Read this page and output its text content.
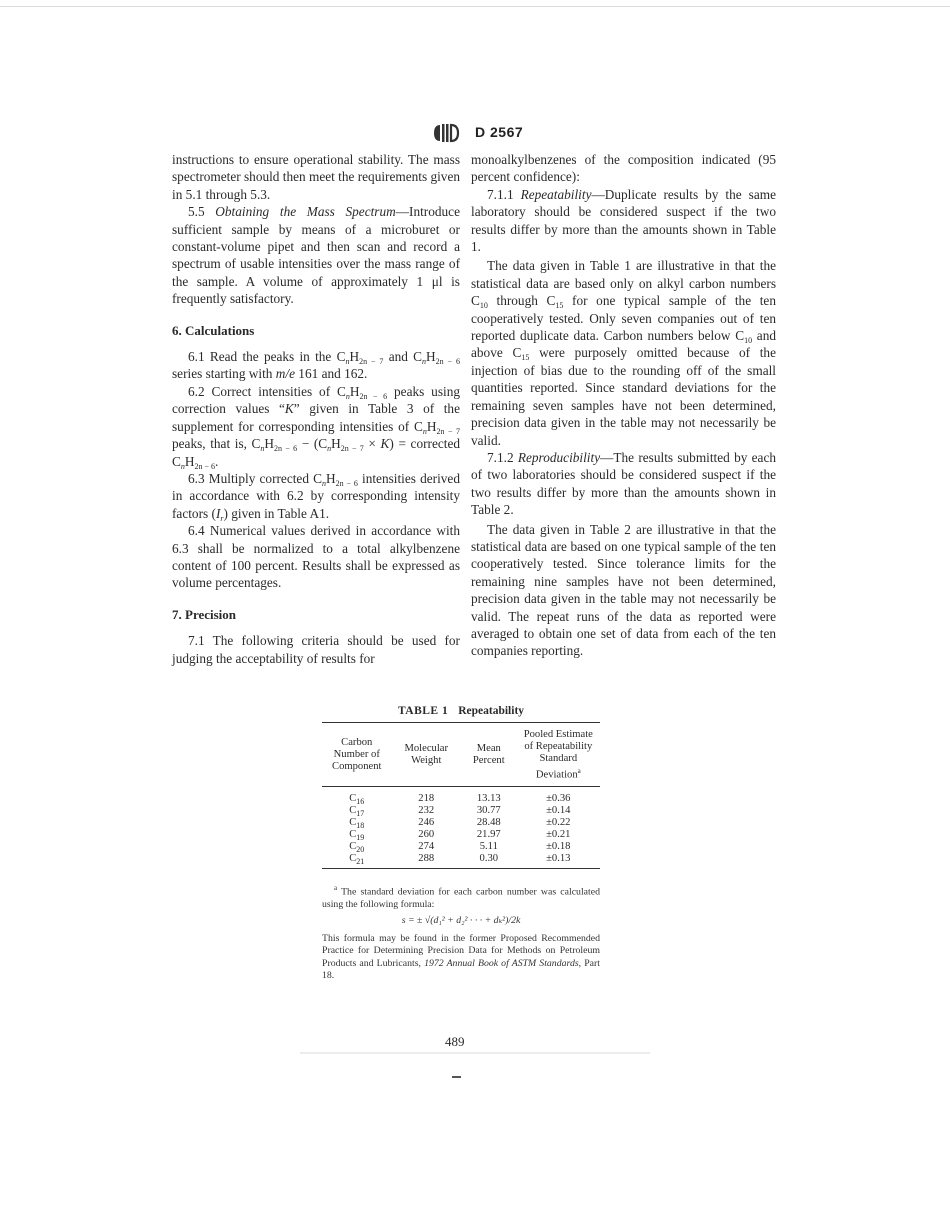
D 2567

instructions to ensure operational stability. The mass spectrometer should then meet the requirements given in 5.1 through 5.3.

5.5 Obtaining the Mass Spectrum—Introduce sufficient sample by means of a microburet or constant-volume pipet and then scan and record a spectrum of usable intensities over the mass range of the sample. A volume of approximately 1 μl is frequently satisfactory.

6. Calculations

6.1 Read the peaks in the $C_nH_{2n - 7}$ and $C_nH_{2n - 6}$ series starting with m/e 161 and 162.

6.2 Correct intensities of $C_nH_{2n - 6}$ peaks using correction values “K” given in Table 3 of the supplement for corresponding intensities of $C_nH_{2n - 7}$ peaks, that is, $C_nH_{2n - 6} - (C_nH_{2n - 7} \times K)$ = corrected $C_nH_{2n - 6}$.

6.3 Multiply corrected $C_nH_{2n - 6}$ intensities derived in accordance with 6.2 by corresponding intensity factors $(I_r)$ given in Table A1.

6.4 Numerical values derived in accordance with 6.3 shall be normalized to a total alkylbenzene content of 100 percent. Results shall be expressed as volume percentages.

7. Precision

7.1 The following criteria should be used for judging the acceptability of results for

monoalkylbenzenes of the composition indicated (95 percent confidence):

7.1.1 Repeatability—Duplicate results by the same laboratory should be considered suspect if the two results differ by more than the amounts shown in Table 1.

The data given in Table 1 are illustrative in that the statistical data are based only on alkyl carbon numbers $C_{10}$ through $C_{15}$ for one typical sample of the ten cooperatively tested. Only seven companies out of ten reported duplicate data. Carbon numbers below $C_{10}$ and above $C_{15}$ were purposely omitted because of the injection of bias due to the rounding off of the small quantities reported. Since standard deviations for the remaining seven samples have not been determined, precision data given in the table may not necessarily be valid.

7.1.2 Reproducibility—The results submitted by each of two laboratories should be considered suspect if the two results differ by more than the amounts shown in Table 2.

The data given in Table 2 are illustrative in that the statistical data are based on one typical sample of the ten cooperatively tested. Since tolerance limits for the remaining nine samples have not been determined, precision data given in the table may not necessarily be valid. The repeat runs of the data as reported were averaged to obtain one set of data from each of the ten companies reporting.

TABLE 1 Repeatability
Carbon Number of Component	Molecular Weight	Mean Percent	Pooled Estimate of Repeatability Standard Deviation$^a$
$C_{16}$	218	13.13	±0.36
$C_{17}$	232	30.77	±0.14
$C_{18}$	246	28.48	±0.22
$C_{19}$	260	21.97	±0.21
$C_{20}$	274	5.11	±0.18
$C_{21}$	288	0.30	±0.13

$^a$ The standard deviation for each carbon number was calculated using the following formula:

s = ± √(d₁² + d₂² · · · + dₖ²)/2k

This formula may be found in the former Proposed Recommended Practice for Determining Precision Data for Methods on Petroleum Products and Lubricants, 1972 Annual Book of ASTM Standards, Part 18.

489
